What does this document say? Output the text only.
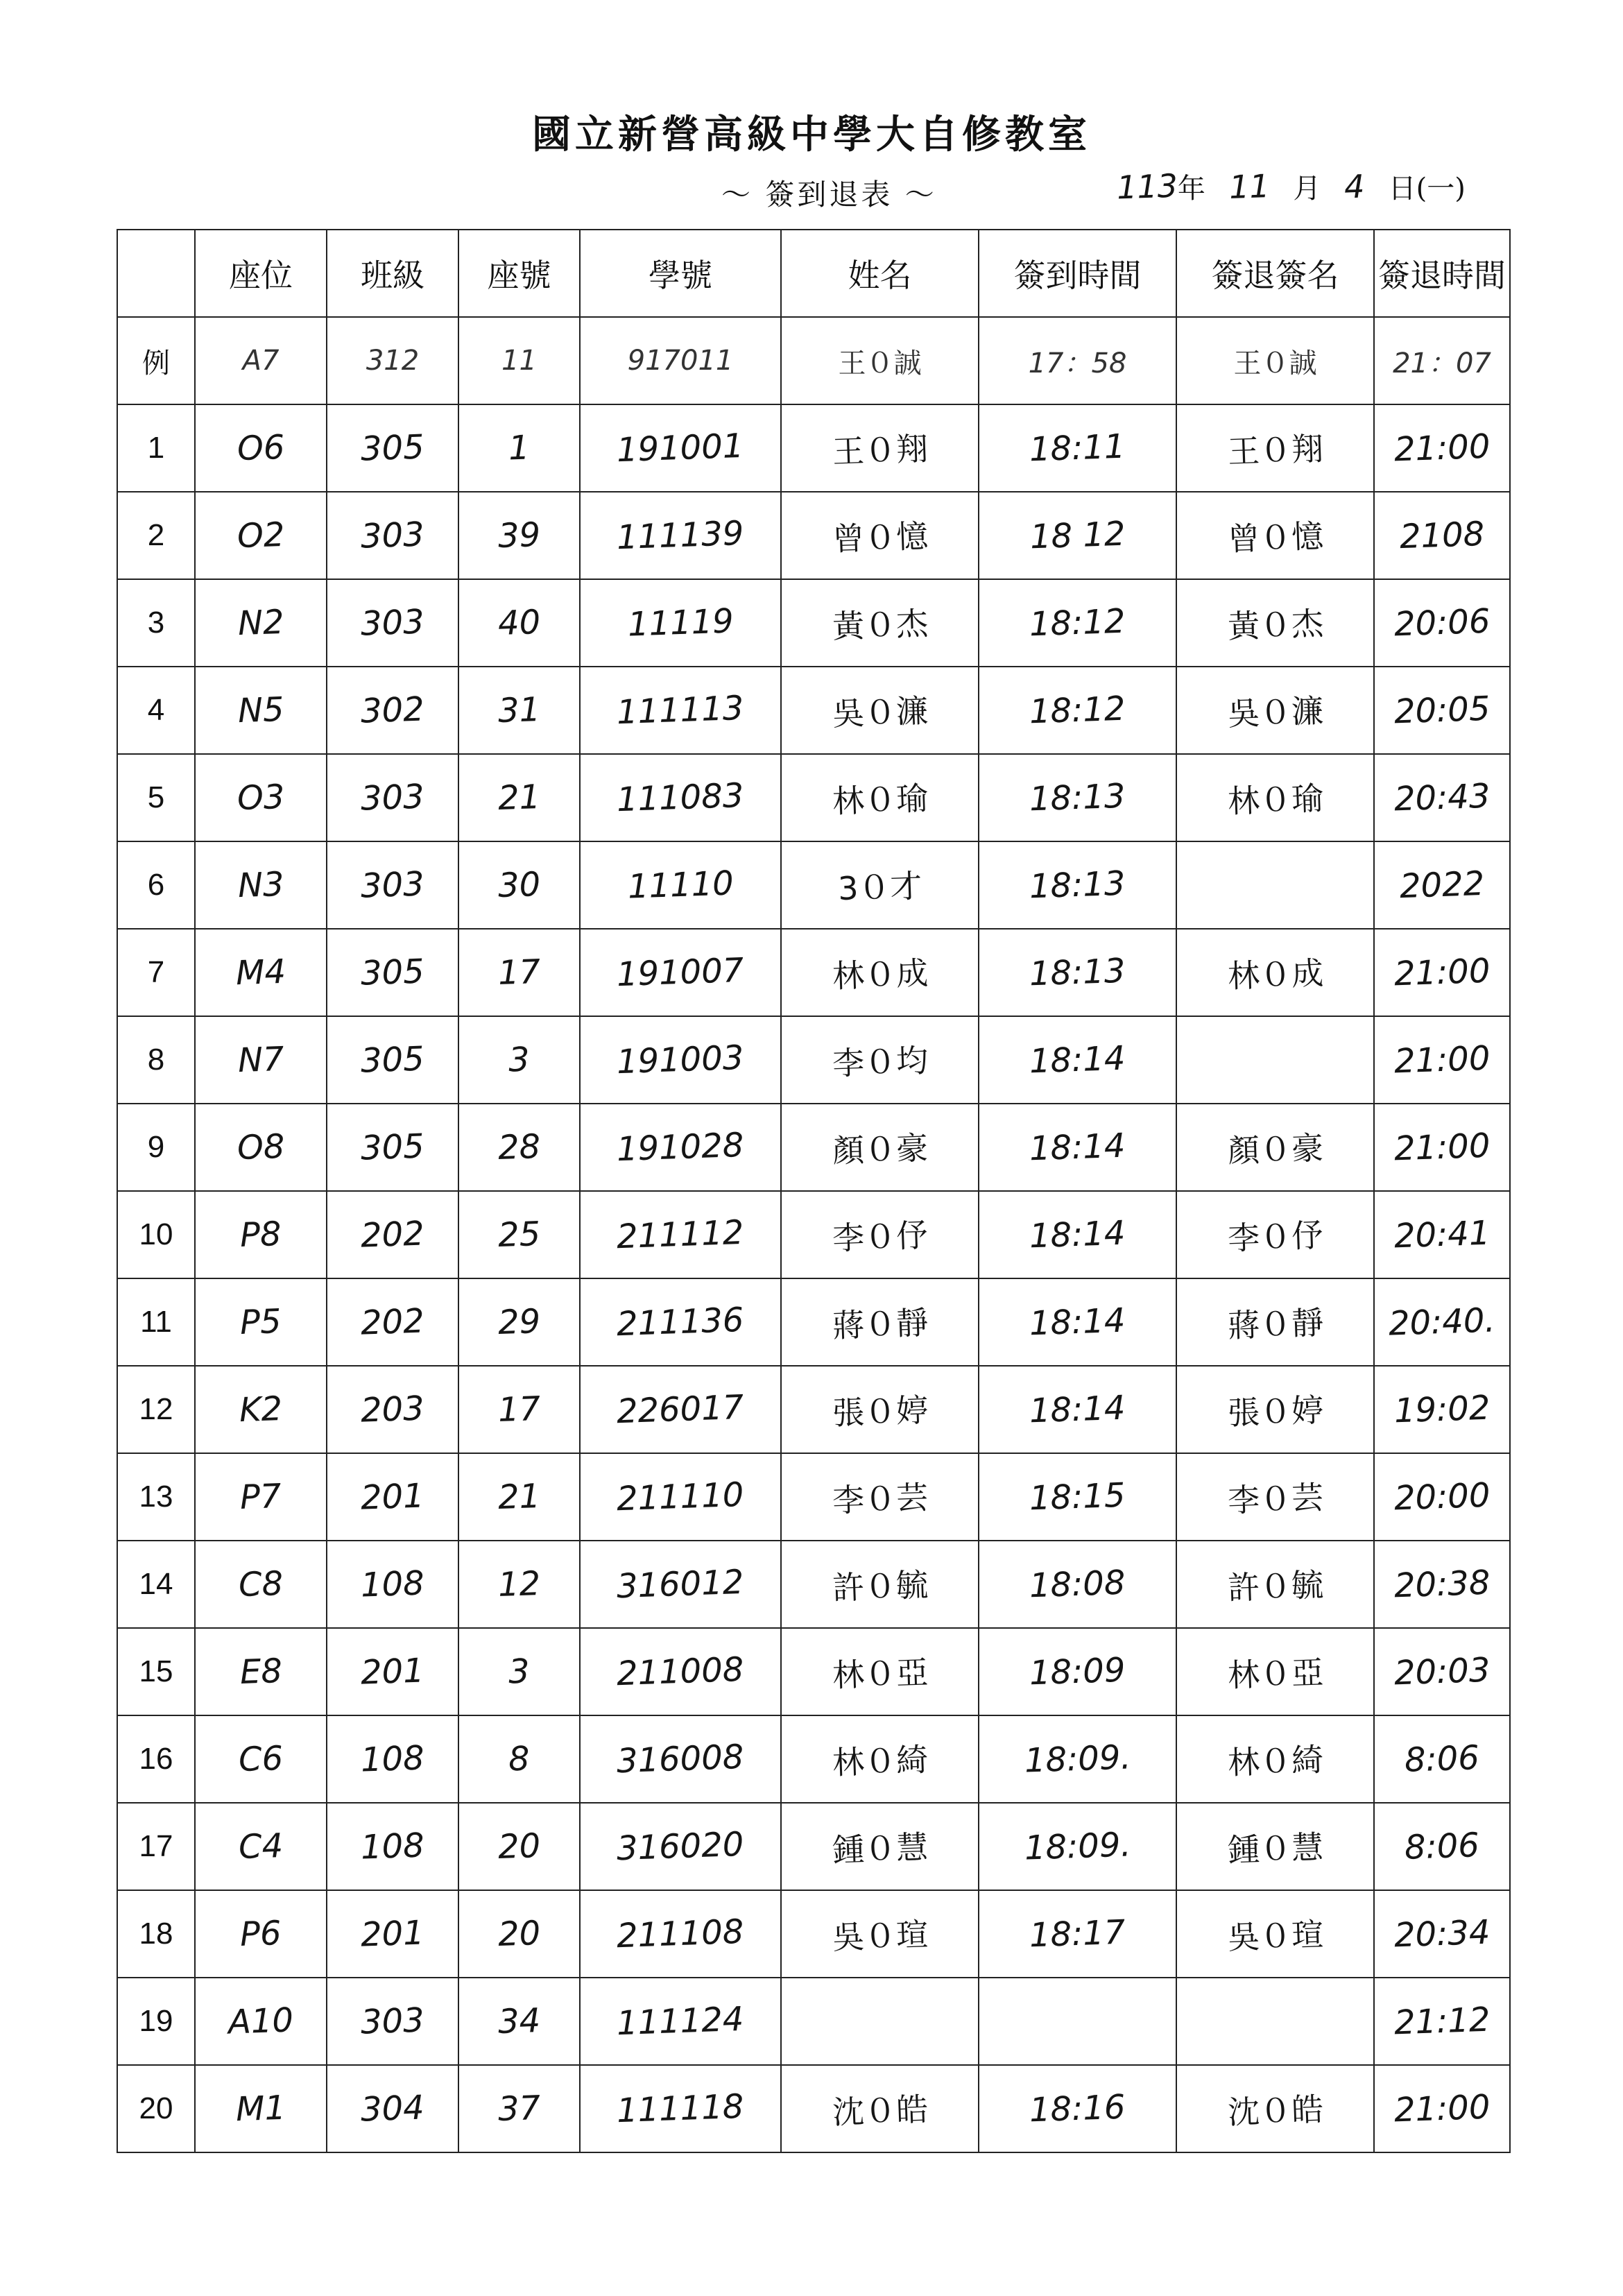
國立新營高級中學大自修教室
〜 簽到退表 〜	113 年 11 月 4 日 (一)
	座位	班級	座號	學號	姓名	簽到時間	簽退簽名	簽退時間
例	A7	312	11	917011	王０誠	17：58	王０誠	21：07
1	O6	305	1	191001	王０翔	18:11	王０翔	21:00
2	O2	303	39	111139	曾０憶	18 12	曾０憶	2108
3	N2	303	40	11119	黃０杰	18:12	黃０杰	20:06
4	N5	302	31	111113	吳０濂	18:12	吳０濂	20:05
5	O3	303	21	111083	林０瑜	18:13	林０瑜	20:43
6	N3	303	30	11110	3０才	18:13		2022
7	M4	305	17	191007	林０成	18:13	林０成	21:00
8	N7	305	3	191003	李０均	18:14		21:00
9	O8	305	28	191028	顏０豪	18:14	顏０豪	21:00
10	P8	202	25	211112	李０伃	18:14	李０伃	20:41
11	P5	202	29	211136	蔣０靜	18:14	蔣０靜	20:40.
12	K2	203	17	226017	張０婷	18:14	張０婷	19:02
13	P7	201	21	211110	李０芸	18:15	李０芸	20:00
14	C8	108	12	316012	許０毓	18:08	許０毓	20:38
15	E8	201	3	211008	林０亞	18:09	林０亞	20:03
16	C6	108	8	316008	林０綺	18:09.	林０綺	8:06
17	C4	108	20	316020	鍾０慧	18:09.	鍾０慧	8:06
18	P6	201	20	211108	吳０瑄	18:17	吳０瑄	20:34
19	A10	303	34	111124				21:12
20	M1	304	37	111118	沈０皓	18:16	沈０皓	21:00
